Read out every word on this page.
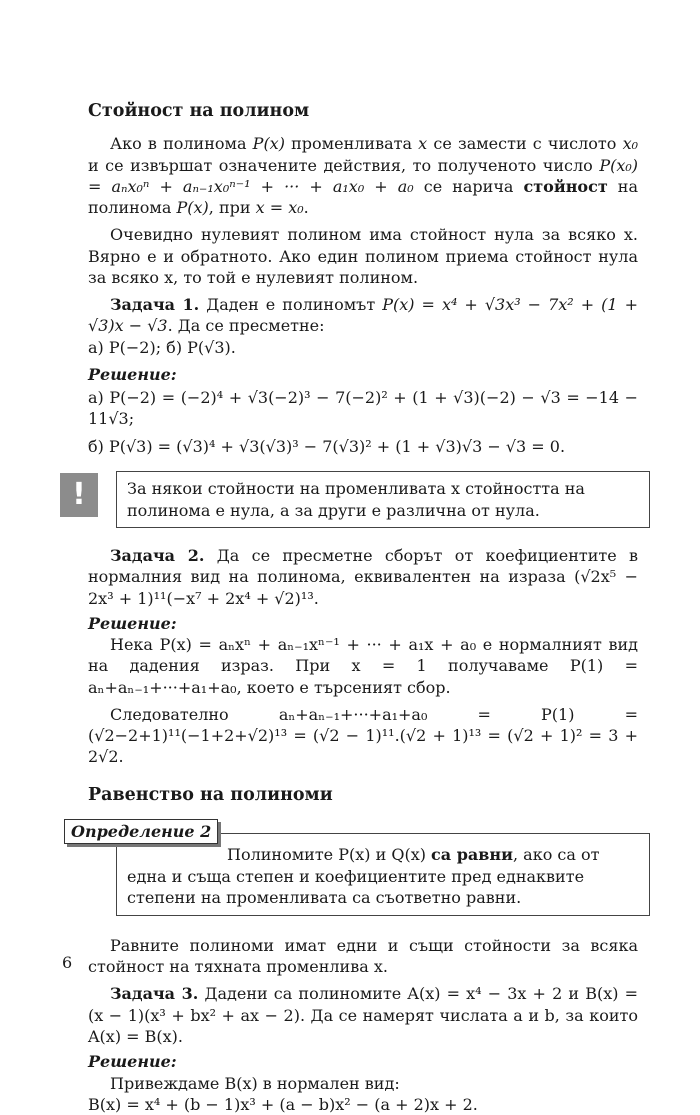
Стойност на полином

Ако в полинома P(x) променливата x се замести с числото x₀ и се извършат означените действия, то полученото число P(x₀) = aₙx₀ⁿ + aₙ₋₁x₀ⁿ⁻¹ + ··· + a₁x₀ + a₀ се нарича стойност на полинома P(x), при x = x₀.

Очевидно нулевият полином има стойност нула за всяко x. Вярно е и обратното. Ако един полином приема стойност нула за всяко x, то той е нулевият полином.

Задача 1. Даден е полиномът P(x) = x⁴ + √3x³ − 7x² + (1 + √3)x − √3. Да се пресметне:

а) P(−2); б) P(√3).

Решение:

а) P(−2) = (−2)⁴ + √3(−2)³ − 7(−2)² + (1 + √3)(−2) − √3 = −14 − 11√3;

б) P(√3) = (√3)⁴ + √3(√3)³ − 7(√3)² + (1 + √3)√3 − √3 = 0.

!	За някои стойности на променливата x стойността на полинома е нула, а за други е различна от нула.

Задача 2. Да се пресметне сборът от коефициентите в нормалния вид на полинома, еквивалентен на израза (√2x⁵ − 2x³ + 1)¹¹(−x⁷ + 2x⁴ + √2)¹³.

Решение:

Нека P(x) = aₙxⁿ + aₙ₋₁xⁿ⁻¹ + ··· + a₁x + a₀ е нормалният вид на дадения израз. При x = 1 получаваме P(1) = aₙ+aₙ₋₁+···+a₁+a₀, което е търсеният сбор.

Следователно aₙ+aₙ₋₁+···+a₁+a₀ = P(1) = (√2−2+1)¹¹(−1+2+√2)¹³ = (√2 − 1)¹¹.(√2 + 1)¹³ = (√2 + 1)² = 3 + 2√2.

Равенство на полиноми
Определение 2
Полиномите P(x) и Q(x) са равни, ако са от една и съща степен и коефициентите пред еднаквите степени на променливата са съответно равни.

Равните полиноми имат едни и същи стойности за всяка стойност на тяхната променлива x.

Задача 3. Дадени са полиномите A(x) = x⁴ − 3x + 2 и B(x) = (x − 1)(x³ + bx² + ax − 2). Да се намерят числата a и b, за които A(x) = B(x).

Решение:

Привеждаме B(x) в нормален вид:

B(x) = x⁴ + (b − 1)x³ + (a − b)x² − (a + 2)x + 2.

6
